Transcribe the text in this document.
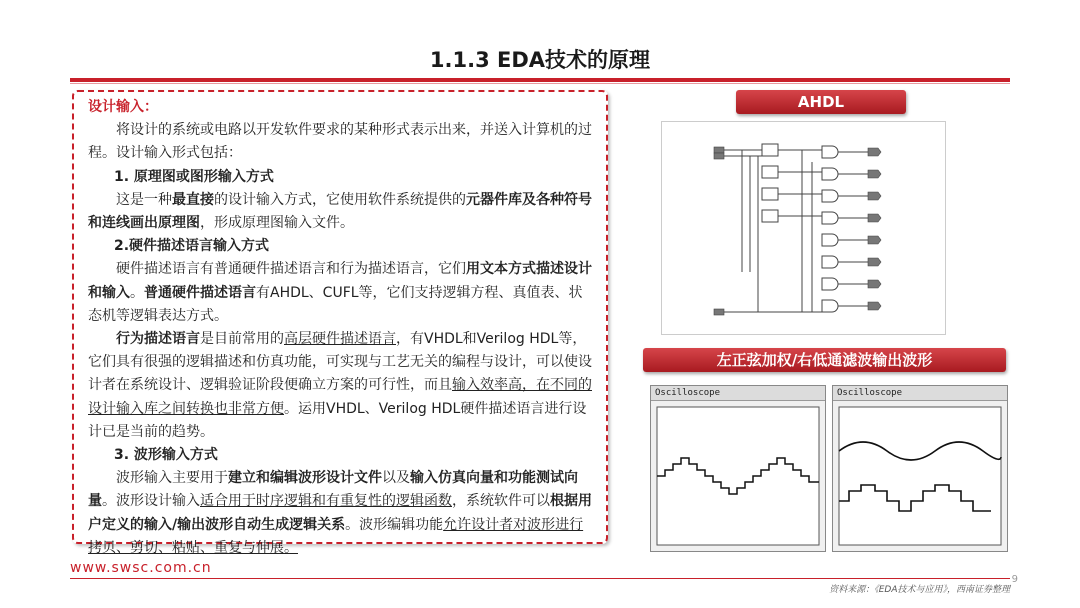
1.1.3 EDA技术的原理

设计输入：

将设计的系统或电路以开发软件要求的某种形式表示出来，并送入计算机的过程。设计输入形式包括：

1. 原理图或图形输入方式

这是一种最直接的设计输入方式，它使用软件系统提供的元器件库及各种符号和连线画出原理图，形成原理图输入文件。

2.硬件描述语言输入方式

硬件描述语言有普通硬件描述语言和行为描述语言，它们用文本方式描述设计和输入。普通硬件描述语言有AHDL、CUFL等，它们支持逻辑方程、真值表、状态机等逻辑表达方式。

行为描述语言是目前常用的高层硬件描述语言，有VHDL和Verilog HDL等，它们具有很强的逻辑描述和仿真功能，可实现与工艺无关的编程与设计，可以使设计者在系统设计、逻辑验证阶段便确立方案的可行性，而且输入效率高，在不同的设计输入库之间转换也非常方便。运用VHDL、Verilog HDL硬件描述语言进行设计已是当前的趋势。

3. 波形输入方式

波形输入主要用于建立和编辑波形设计文件以及输入仿真向量和功能测试向量。波形设计输入适合用于时序逻辑和有重复性的逻辑函数，系统软件可以根据用户定义的输入/输出波形自动生成逻辑关系。波形编辑功能允许设计者对波形进行拷贝、剪切、粘贴、重复与伸展。

AHDL
左正弦加权/右低通滤波输出波形
Oscilloscope	Oscilloscope
www.swsc.com.cn
资料来源：《EDA技术与应用》，西南证券整理
9
